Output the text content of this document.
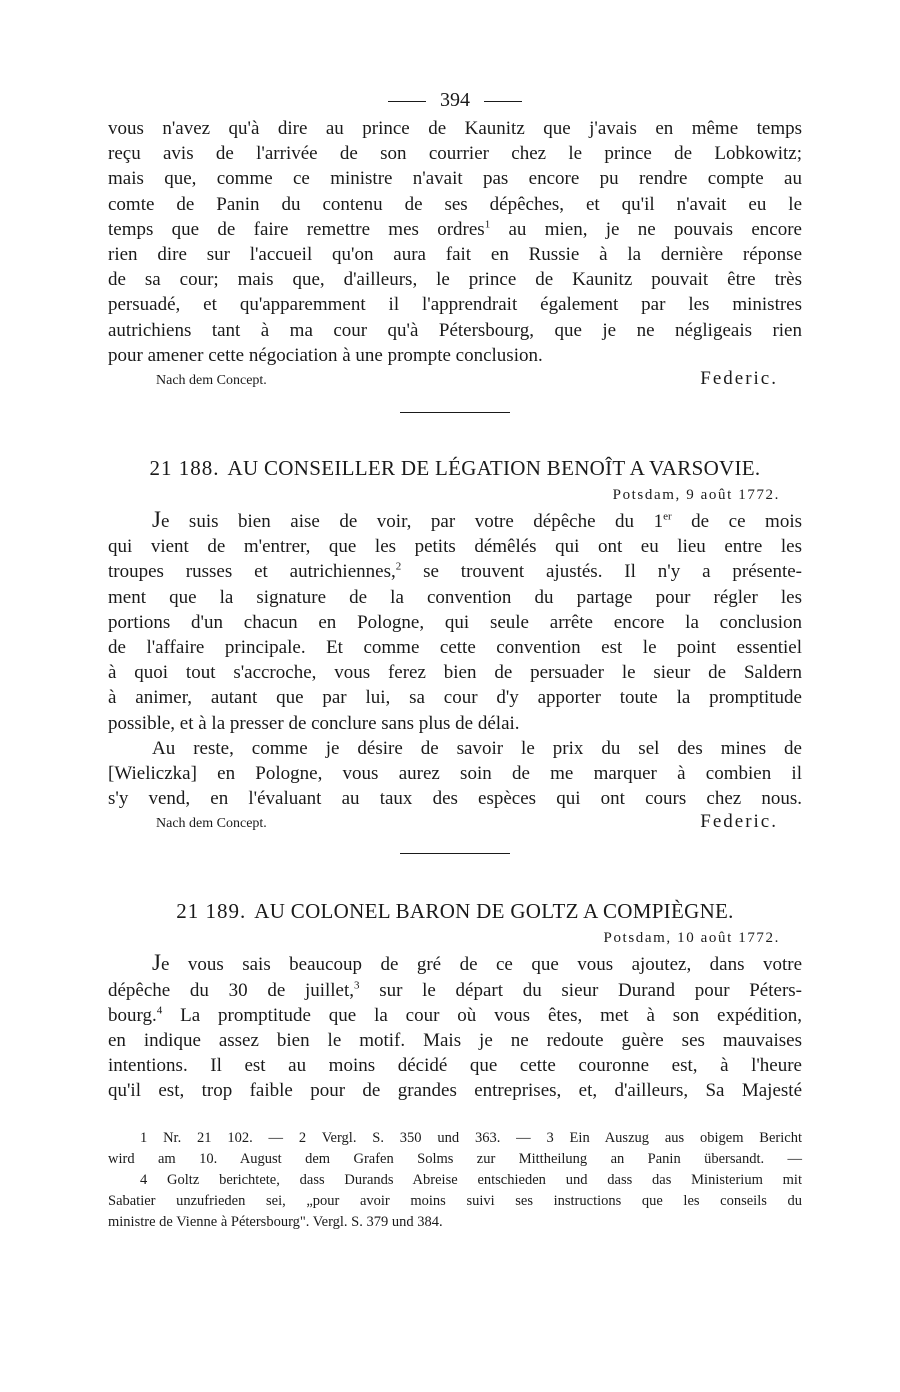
394

vous n'avez qu'à dire au prince de Kaunitz que j'avais en même temps

reçu avis de l'arrivée de son courrier chez le prince de Lobkowitz;

mais que, comme ce ministre n'avait pas encore pu rendre compte au

comte de Panin du contenu de ses dépêches, et qu'il n'avait eu le

temps que de faire remettre mes ordres$^1$ au mien, je ne pouvais encore

rien dire sur l'accueil qu'on aura fait en Russie à la dernière réponse

de sa cour; mais que, d'ailleurs, le prince de Kaunitz pouvait être très

persuadé, et qu'apparemment il l'apprendrait également par les ministres

autrichiens tant à ma cour qu'à Pétersbourg, que je ne négligeais rien

pour amener cette négociation à une prompte conclusion.

Nach dem Concept.	Federic.
21 188. AU CONSEILLER DE LÉGATION BENOÎT A VARSOVIE.
Potsdam, 9 août 1772.

Je suis bien aise de voir, par votre dépêche du 1er de ce mois

qui vient de m'entrer, que les petits démêlés qui ont eu lieu entre les

troupes russes et autrichiennes,$^2$ se trouvent ajustés. Il n'y a présente-

ment que la signature de la convention du partage pour régler les

portions d'un chacun en Pologne, qui seule arrête encore la conclusion

de l'affaire principale. Et comme cette convention est le point essentiel

à quoi tout s'accroche, vous ferez bien de persuader le sieur de Saldern

à animer, autant que par lui, sa cour d'y apporter toute la promptitude

possible, et à la presser de conclure sans plus de délai.

Au reste, comme je désire de savoir le prix du sel des mines de

[Wieliczka] en Pologne, vous aurez soin de me marquer à combien il

s'y vend, en l'évaluant au taux des espèces qui ont cours chez nous.

Nach dem Concept.	Federic.
21 189. AU COLONEL BARON DE GOLTZ A COMPIÈGNE.
Potsdam, 10 août 1772.

Je vous sais beaucoup de gré de ce que vous ajoutez, dans votre

dépêche du 30 de juillet,$^3$ sur le départ du sieur Durand pour Péters-

bourg.$^4$ La promptitude que la cour où vous êtes, met à son expédition,

en indique assez bien le motif. Mais je ne redoute guère ses mauvaises

intentions. Il est au moins décidé que cette couronne est, à l'heure

qu'il est, trop faible pour de grandes entreprises, et, d'ailleurs, Sa Majesté

1 Nr. 21 102. — 2 Vergl. S. 350 und 363. — 3 Ein Auszug aus obigem Bericht

wird am 10. August dem Grafen Solms zur Mittheilung an Panin übersandt. —

4 Goltz berichtete, dass Durands Abreise entschieden und dass das Ministerium mit

Sabatier unzufrieden sei, „pour avoir moins suivi ses instructions que les conseils du

ministre de Vienne à Pétersbourg". Vergl. S. 379 und 384.
